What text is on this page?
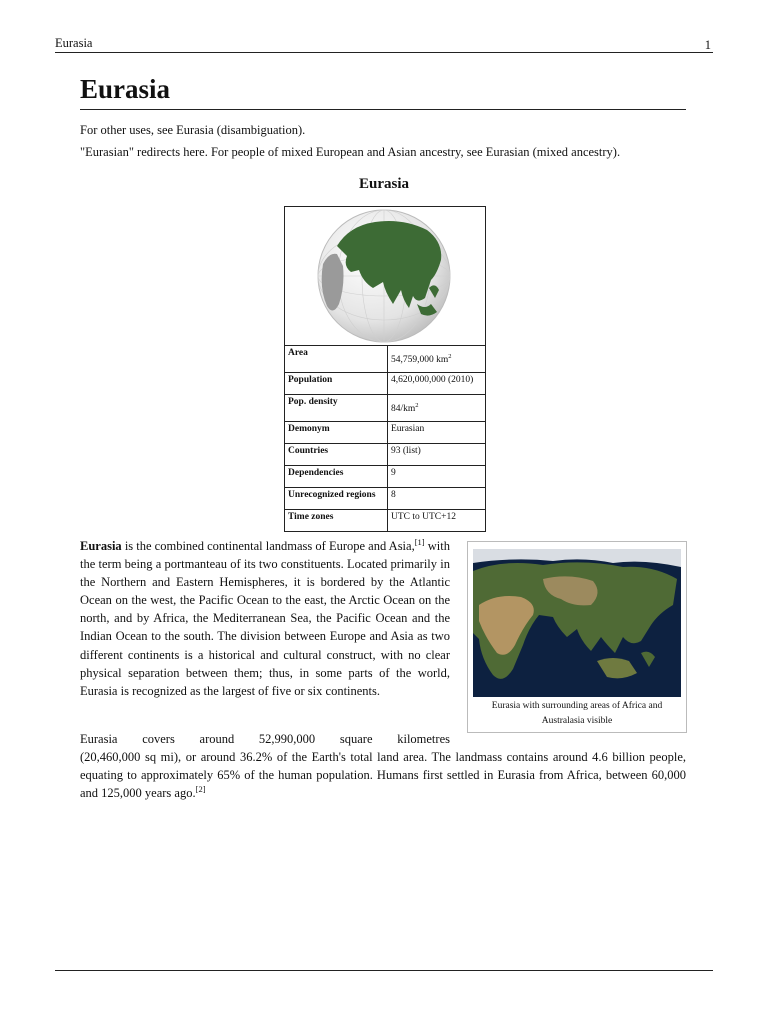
Eurasia	1
Eurasia
For other uses, see Eurasia (disambiguation).
"Eurasian" redirects here. For people of mixed European and Asian ancestry, see Eurasian (mixed ancestry).
Eurasia
Area	54,759,000 $km^2$
Population	4,620,000,000 (2010)
Pop. density	$84/km^2$
Demonym	Eurasian
Countries	93 (list)
Dependencies	9
Unrecognized regions	8
Time zones	UTC to UTC+12

Eurasia is the combined continental landmass of Europe and Asia,[1] with the term being a portmanteau of its two constituents. Located primarily in the Northern and Eastern Hemispheres, it is bordered by the Atlantic Ocean on the west, the Pacific Ocean to the east, the Arctic Ocean on the north, and by Africa, the Mediterranean Sea, the Pacific Ocean and the Indian Ocean to the south. The division between Europe and Asia as two different continents is a historical and cultural construct, with no clear physical separation between them; thus, in some parts of the world, Eurasia is recognized as the largest of five or six continents.

Eurasia with surrounding areas of Africa and Australasia visible

Eurasia covers around 52,990,000 square kilometres
(20,460,000 sq mi), or around 36.2% of the Earth's total land area. The landmass contains around 4.6 billion people, equating to approximately 65% of the human population. Humans first settled in Eurasia from Africa, between 60,000 and 125,000 years ago.[2]
